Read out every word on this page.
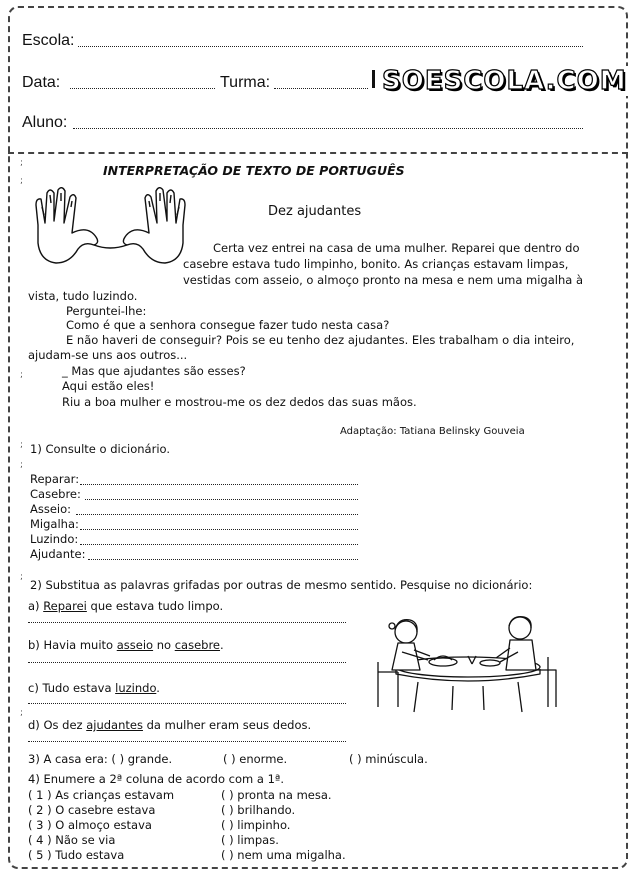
Escola:
Data:	Turma:	SOESCOLA.COM
Aluno:
;
;
;
;
;
;
;
INTERPRETAÇÃO DE TEXTO DE PORTUGUÊS
Dez ajudantes
Certa vez entrei na casa de uma mulher. Reparei que dentro do
casebre estava tudo limpinho, bonito. As crianças estavam limpas,
vestidas com asseio, o almoço pronto na mesa e nem uma migalha à
vista, tudo luzindo.
Perguntei-lhe:
Como é que a senhora consegue fazer tudo nesta casa?
E não haveri de conseguir? Pois se eu tenho dez ajudantes. Eles trabalham o dia inteiro,
ajudam-se uns aos outros...
_ Mas que ajudantes são esses?
Aqui estão eles!
Riu a boa mulher e mostrou-me os dez dedos das suas mãos.
Adaptação: Tatiana Belinsky Gouveia
1) Consulte o dicionário.
Reparar:
Casebre:
Asseio:
Migalha:
Luzindo:
Ajudante:
2) Substitua as palavras grifadas por outras de mesmo sentido. Pesquise no dicionário:
a) Reparei que estava tudo limpo.
b) Havia muito asseio no casebre.
c) Tudo estava luzindo.
d) Os dez ajudantes da mulher eram seus dedos.
3) A casa era: ( ) grande.	( ) enorme.	( ) minúscula.
4) Enumere a 2ª coluna de acordo com a 1ª.
( 1 ) As crianças estavam	( ) pronta na mesa.
( 2 ) O casebre estava	( ) brilhando.
( 3 ) O almoço estava	( ) limpinho.
( 4 ) Não se via	( ) limpas.
( 5 ) Tudo estava	( ) nem uma migalha.
